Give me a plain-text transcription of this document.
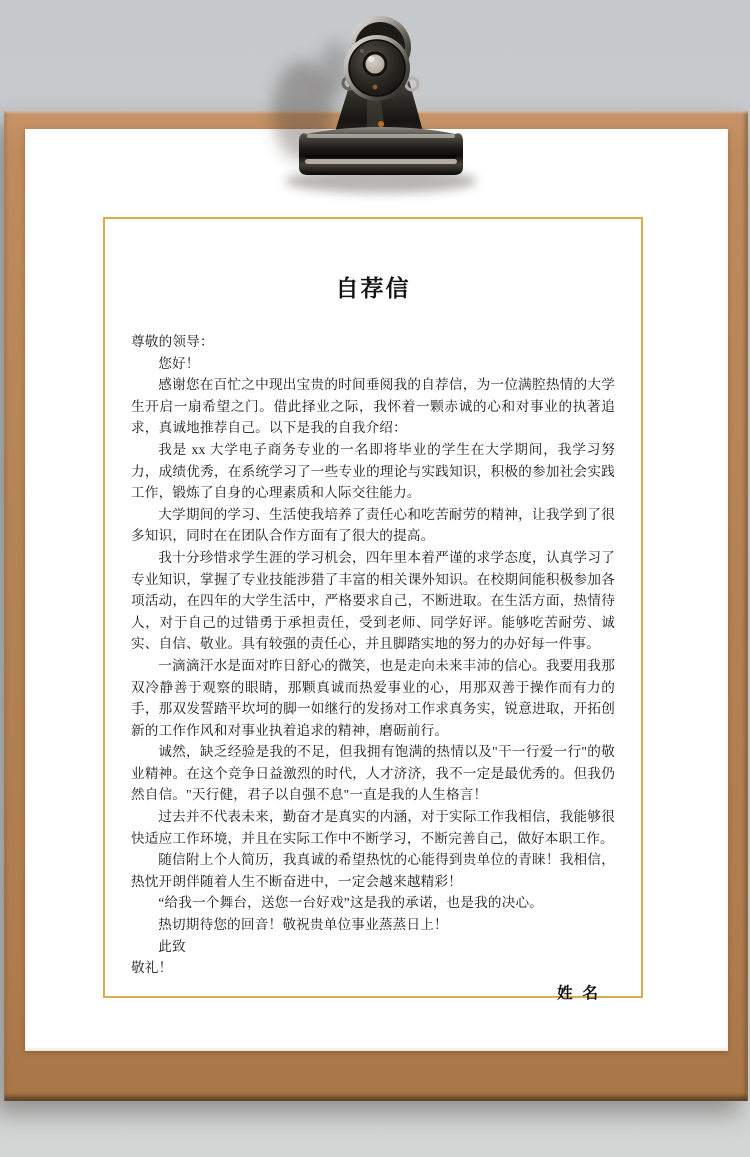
自荐信

尊敬的领导：

您好！

感谢您在百忙之中现出宝贵的时间垂阅我的自荐信，为一位满腔热情的大学生开启一扇希望之门。借此择业之际，我怀着一颗赤诚的心和对事业的执著追求，真诚地推荐自己。以下是我的自我介绍：

我是 xx 大学电子商务专业的一名即将毕业的学生在大学期间，我学习努力，成绩优秀，在系统学习了一些专业的理论与实践知识，积极的参加社会实践工作，锻炼了自身的心理素质和人际交往能力。

大学期间的学习、生活使我培养了责任心和吃苦耐劳的精神，让我学到了很多知识，同时在在团队合作方面有了很大的提高。

我十分珍惜求学生涯的学习机会，四年里本着严谨的求学态度，认真学习了专业知识，掌握了专业技能涉猎了丰富的相关课外知识。在校期间能积极参加各项活动，在四年的大学生活中，严格要求自己，不断进取。在生活方面，热情待人，对于自己的过错勇于承担责任，受到老师、同学好评。能够吃苦耐劳、诚实、自信、敬业。具有较强的责任心，并且脚踏实地的努力的办好每一件事。

一滴滴汗水是面对昨日舒心的微笑，也是走向未来丰沛的信心。我要用我那双冷静善于观察的眼睛，那颗真诚而热爱事业的心，用那双善于操作而有力的手，那双发誓踏平坎坷的脚一如继行的发扬对工作求真务实，锐意进取，开拓创新的工作作风和对事业执着追求的精神，磨砺前行。

诚然，缺乏经验是我的不足，但我拥有饱满的热情以及"干一行爱一行"的敬业精神。在这个竞争日益激烈的时代，人才济济，我不一定是最优秀的。但我仍然自信。"天行健，君子以自强不息"一直是我的人生格言！

过去并不代表未来，勤奋才是真实的内涵，对于实际工作我相信，我能够很快适应工作环境，并且在实际工作中不断学习，不断完善自己，做好本职工作。

随信附上个人简历，我真诚的希望热忱的心能得到贵单位的青睐！我相信，热忱开朗伴随着人生不断奋进中，一定会越来越精彩！

“给我一个舞台，送您一台好戏”这是我的承诺，也是我的决心。

热切期待您的回音！敬祝贵单位事业蒸蒸日上！

此致

敬礼！

姓 名
